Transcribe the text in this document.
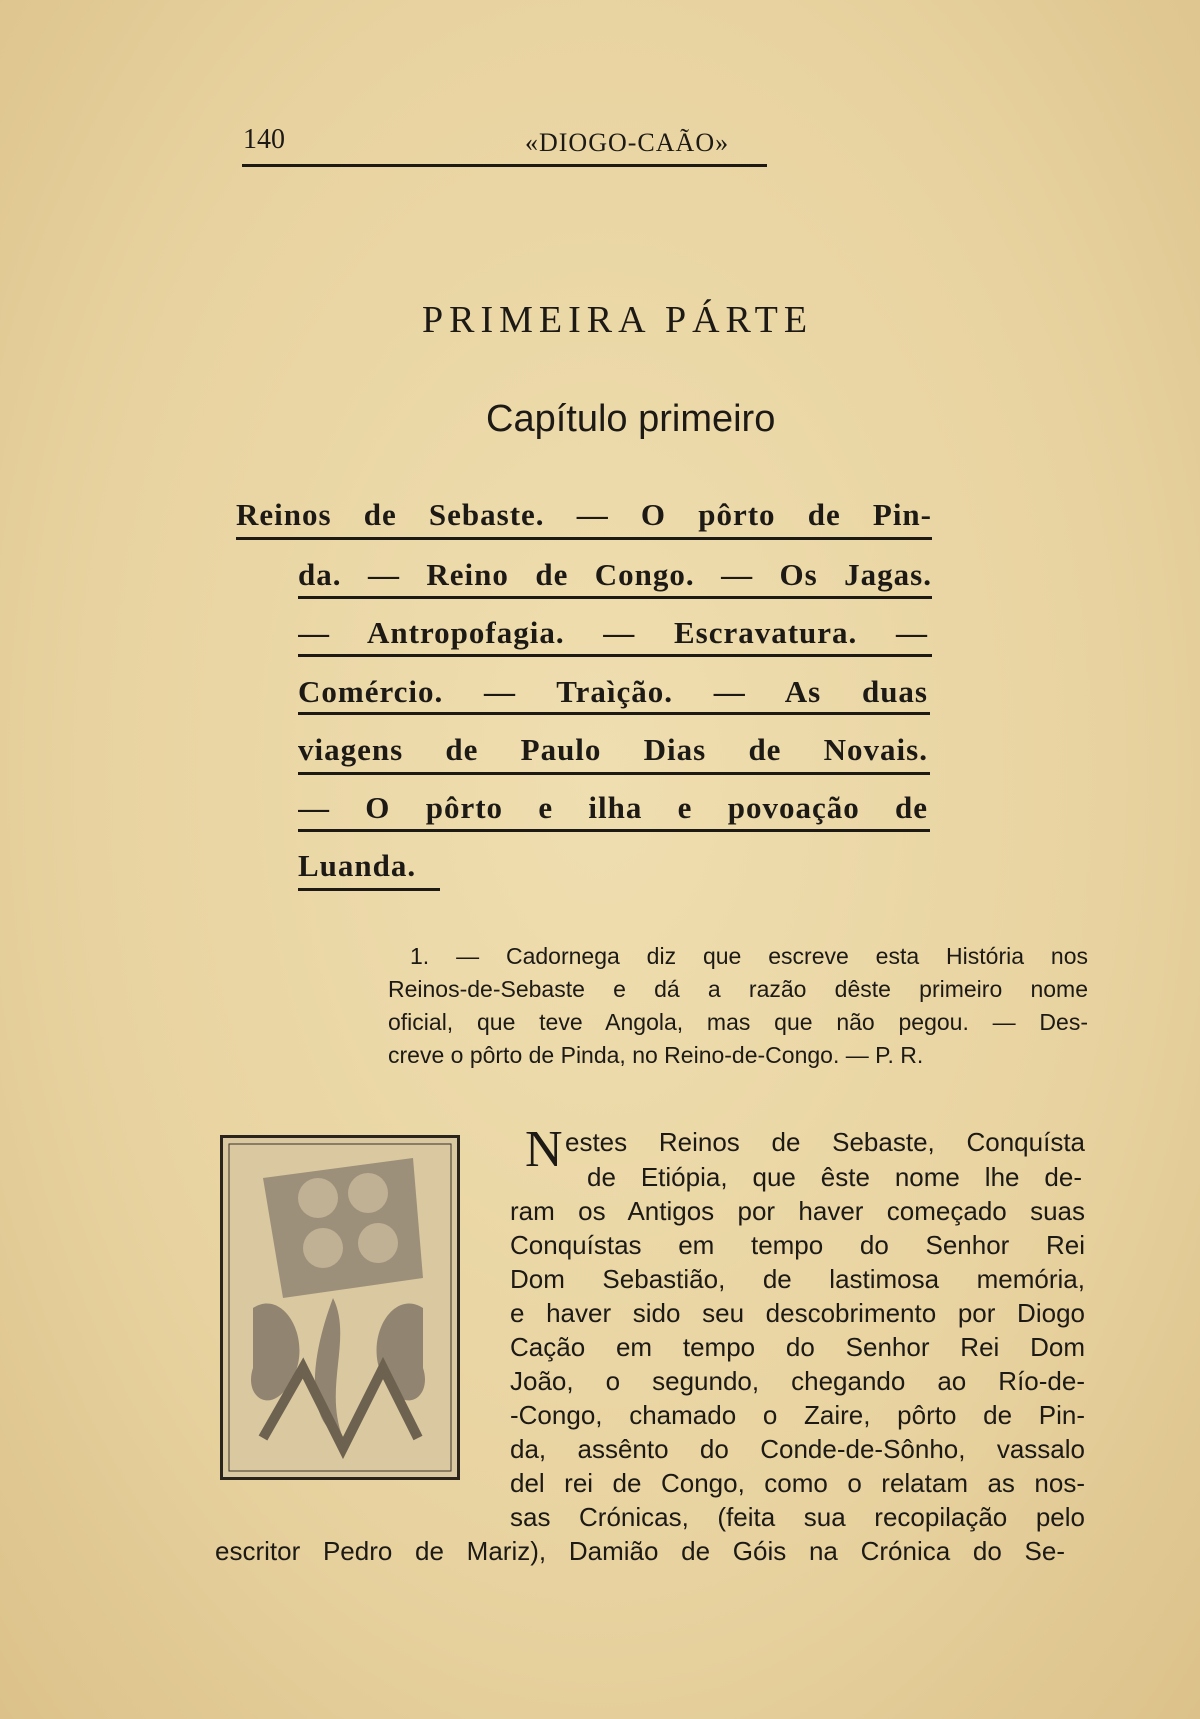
140	«DIOGO-CAÃO»
PRIMEIRA PÁRTE
Capítulo primeiro
Reinos de Sebaste. — O pôrto de Pin-
da. — Reino de Congo. — Os Jagas.
— Antropofagia. — Escravatura. —
Comércio. — Traìção. — As duas
viagens de Paulo Dias de Novais.
— O pôrto e ilha e povoação de
Luanda.
1. — Cadornega diz que escreve esta História nos
Reinos-de-Sebaste e dá a razão dêste primeiro nome
oficial, que teve Angola, mas que não pegou. — Des-
creve o pôrto de Pinda, no Reino-de-Congo. — P. R.
N estes Reinos de Sebaste, Conquísta
de Etiópia, que êste nome lhe de-
ram os Antigos por haver começado suas
Conquístas em tempo do Senhor Rei
Dom Sebastião, de lastimosa memória,
e haver sido seu descobrimento por Diogo
Cação em tempo do Senhor Rei Dom
João, o segundo, chegando ao Río-de-
-Congo, chamado o Zaire, pôrto de Pin-
da, assênto do Conde-de-Sônho, vassalo
del rei de Congo, como o relatam as nos-
sas Crónicas, (feita sua recopilação pelo
escritor Pedro de Mariz), Damião de Góis na Crónica do Se-
